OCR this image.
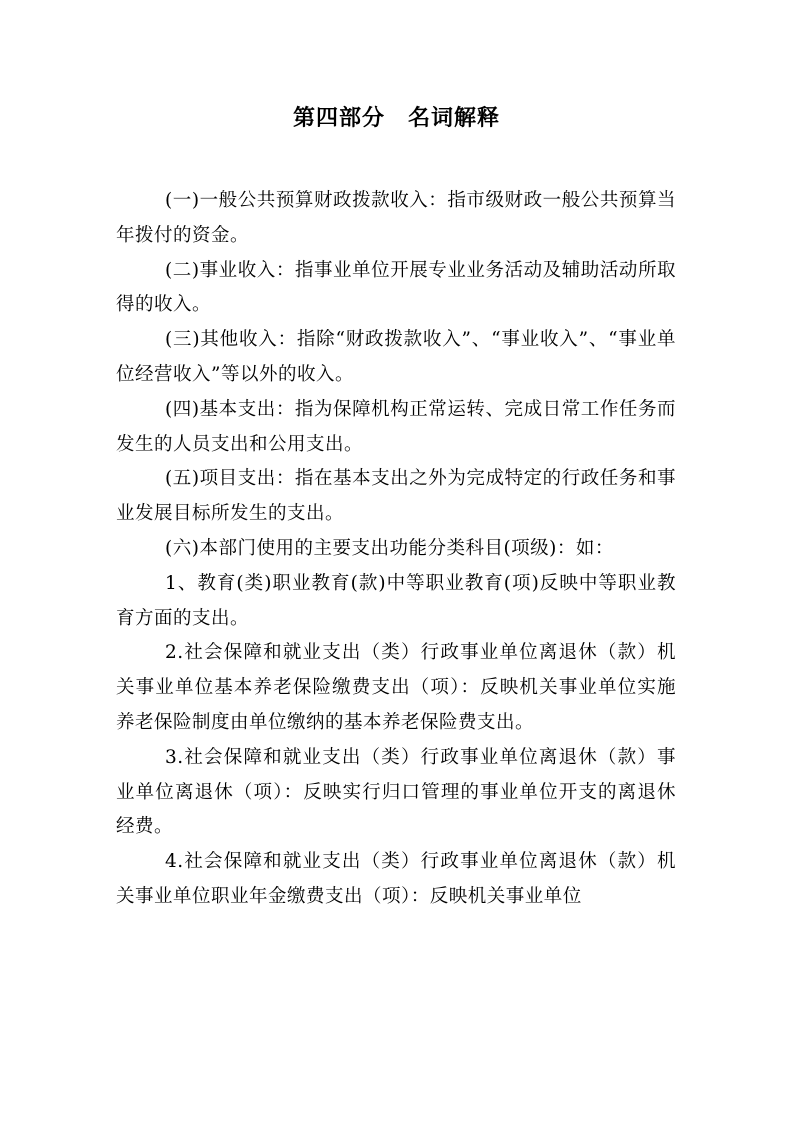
第四部分　名词解释

(一)一般公共预算财政拨款收入：指市级财政一般公共预算当年拨付的资金。

(二)事业收入：指事业单位开展专业业务活动及辅助活动所取得的收入。

(三)其他收入：指除“财政拨款收入”、“事业收入”、“事业单位经营收入”等以外的收入。

(四)基本支出：指为保障机构正常运转、完成日常工作任务而发生的人员支出和公用支出。

(五)项目支出：指在基本支出之外为完成特定的行政任务和事业发展目标所发生的支出。

(六)本部门使用的主要支出功能分类科目(项级)：如：

1、教育(类)职业教育(款)中等职业教育(项)反映中等职业教育方面的支出。

2.社会保障和就业支出（类）行政事业单位离退休（款）机关事业单位基本养老保险缴费支出（项）：反映机关事业单位实施养老保险制度由单位缴纳的基本养老保险费支出。

3.社会保障和就业支出（类）行政事业单位离退休（款）事业单位离退休（项）：反映实行归口管理的事业单位开支的离退休经费。

4.社会保障和就业支出（类）行政事业单位离退休（款）机关事业单位职业年金缴费支出（项）：反映机关事业单位
